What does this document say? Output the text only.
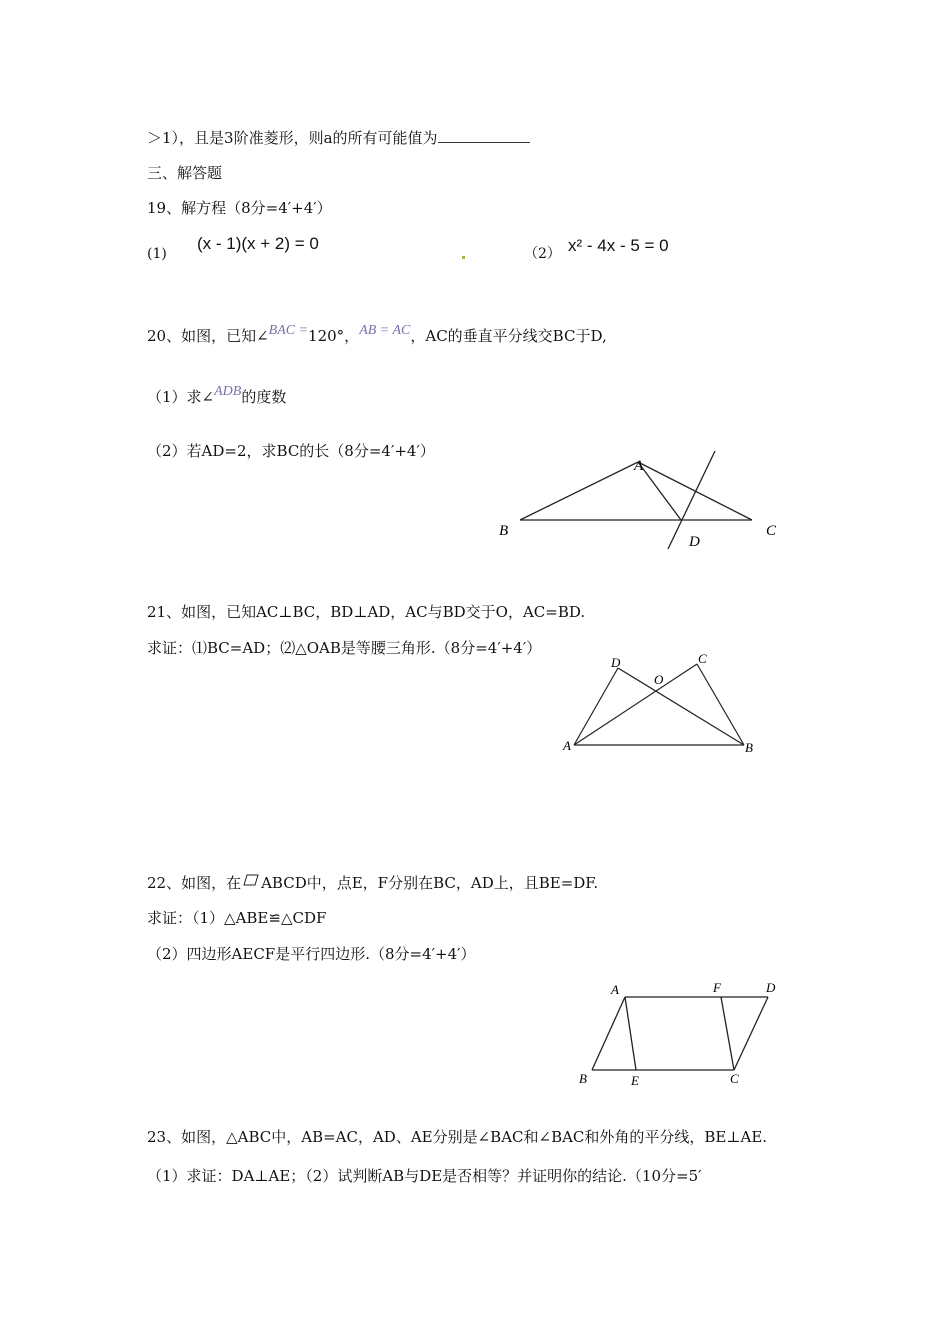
＞1），且是3阶准菱形，则a的所有可能值为
三、解答题
19、解方程（8分=4′+4′）
(1)
(x - 1)(x + 2) = 0
（2） x² - 4x - 5 = 0
20、如图，已知∠BAC =120°，AB = AC，AC的垂直平分线交BC于D,
（1）求∠ADB的度数
（2）若AD=2，求BC的长（8分=4′+4′）
A
B	C
D
21、如图，已知AC⊥BC，BD⊥AD，AC与BD交于O，AC=BD.
求证：⑴BC=AD；⑵△OAB是等腰三角形.（8分=4′+4′）
D	C
O
A	B
22、如图，在 ABCD中，点E，F分别在BC，AD上，且BE=DF.
求证：（1）△ABE≌△CDF
（2）四边形AECF是平行四边形.（8分=4′+4′）
A	F	D
B	E	C
23、如图，△ABC中，AB=AC，AD、AE分别是∠BAC和∠BAC和外角的平分线，BE⊥AE.
（1）求证：DA⊥AE；（2）试判断AB与DE是否相等？并证明你的结论.（10分=5′
